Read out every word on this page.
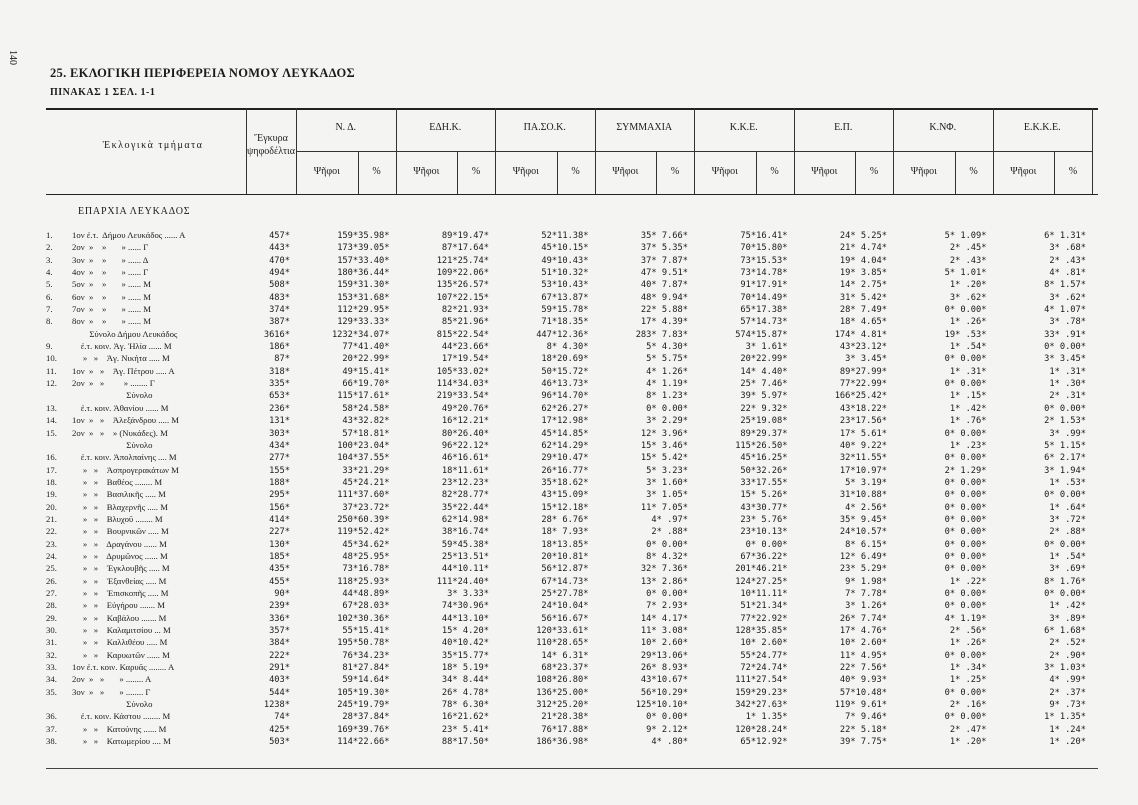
140
25. ΕΚΛΟΓΙΚΗ ΠΕΡΙΦΕΡΕΙΑ ΝΟΜΟΥ ΛΕΥΚΑΔΟΣ
ΠΙΝΑΚΑΣ 1 ΣΕΛ. 1-1
Ἐκλογικὰ τμήματα
Ἔγκυρα ψηφοδέλτια
Ν. Δ.
Ψῆφοι	%
ΕΔΗ.Κ.
Ψῆφοι	%
ΠΑ.ΣΟ.Κ.
Ψῆφοι	%
ΣΥΜΜΑΧΙΑ
Ψῆφοι	%
Κ.Κ.Ε.
Ψῆφοι	%
Ε.Π.
Ψῆφοι	%
Κ.ΝΦ.
Ψῆφοι	%
Ε.Κ.Κ.Ε.
Ψῆφοι	%
ΕΠΑΡΧΙΑ ΛΕΥΚΑΔΟΣ
1.	1ον ἐ.τ.  Δήμου Λευκάδος ...... Α	457*	159*35.98*	89*19.47*	52*11.38*	35* 7.66*	75*16.41*	24* 5.25*	5* 1.09*	6* 1.31*
2.	2ον  »    »       » ...... Γ	443*	173*39.05*	87*17.64*	45*10.15*	37* 5.35*	70*15.80*	21* 4.74*	2* .45*	3* .68*
3.	3ον  »    »       » ...... Δ	470*	157*33.40*	121*25.74*	49*10.43*	37* 7.87*	73*15.53*	19* 4.04*	2* .43*	2* .43*
4.	4ον  »    »       » ...... Γ	494*	180*36.44*	109*22.06*	51*10.32*	47* 9.51*	73*14.78*	19* 3.85*	5* 1.01*	4* .81*
5.	5ον  »    »       » ...... Μ	508*	159*31.30*	135*26.57*	53*10.43*	40* 7.87*	91*17.91*	14* 2.75*	1* .20*	8* 1.57*
6.	6ον  »    »       » ...... Μ	483*	153*31.68*	107*22.15*	67*13.87*	48* 9.94*	70*14.49*	31* 5.42*	3* .62*	3* .62*
7.	7ον  »    »       » ...... Μ	374*	112*29.95*	82*21.93*	59*15.78*	22* 5.88*	65*17.38*	28* 7.49*	0* 0.00*	4* 1.07*
8.	8ον  »    »       » ...... Μ	387*	129*33.33*	85*21.96*	71*18.35*	17* 4.39*	57*14.73*	18* 4.65*	1* .26*	3* .78*
Σύνολο Δήμου Λευκάδος	3616*	1232*34.07*	815*22.54*	447*12.36*	283* 7.83*	574*15.87*	174* 4.81*	19* .53*	33* .91*
9.	ἐ.τ. κοιν. Ἀγ. Ἠλία ...... Μ	186*	77*41.40*	44*23.66*	8* 4.30*	5* 4.30*	3* 1.61*	43*23.12*	1* .54*	0* 0.00*
10.	»   »    Ἀγ. Νικήτα ..... Μ	87*	20*22.99*	17*19.54*	18*20.69*	5* 5.75*	20*22.99*	3* 3.45*	0* 0.00*	3* 3.45*
11.	1ον  »   »    Ἀγ. Πέτρου ..... Α	318*	49*15.41*	105*33.02*	50*15.72*	4* 1.26*	14* 4.40*	89*27.99*	1* .31*	1* .31*
12.	2ον  »   »         » ........ Γ	335*	66*19.70*	114*34.03*	46*13.73*	4* 1.19*	25* 7.46*	77*22.99*	0* 0.00*	1* .30*
Σύνολο	653*	115*17.61*	219*33.54*	96*14.70*	8* 1.23*	39* 5.97*	166*25.42*	1* .15*	2* .31*
13.	ἐ.τ. κοιν. Ἀθανίου ...... Μ	236*	58*24.58*	49*20.76*	62*26.27*	0* 0.00*	22* 9.32*	43*18.22*	1* .42*	0* 0.00*
14.	1ον  »   »    Ἀλεξάνδρου ..... Μ	131*	43*32.82*	16*12.21*	17*12.98*	3* 2.29*	25*19.08*	23*17.56*	1* .76*	2* 1.53*
15.	2ον  »   »    » (Νυκάδες). Μ	303*	57*18.81*	80*26.40*	45*14.85*	12* 3.96*	89*29.37*	17* 5.61*	0* 0.00*	3* .99*
Σύνολο	434*	100*23.04*	96*22.12*	62*14.29*	15* 3.46*	115*26.50*	40* 9.22*	1* .23*	5* 1.15*
16.	ἐ.τ. κοιν. Ἀπολπαίνης .... Μ	277*	104*37.55*	46*16.61*	29*10.47*	15* 5.42*	45*16.25*	32*11.55*	0* 0.00*	6* 2.17*
17.	»   »    Ἀσπρογερακάτων Μ	155*	33*21.29*	18*11.61*	26*16.77*	5* 3.23*	50*32.26*	17*10.97*	2* 1.29*	3* 1.94*
18.	»   »    Βαθέος ........ Μ	188*	45*24.21*	23*12.23*	35*18.62*	3* 1.60*	33*17.55*	5* 3.19*	0* 0.00*	1* .53*
19.	»   »    Βασιλικῆς ..... Μ	295*	111*37.60*	82*28.77*	43*15.09*	3* 1.05*	15* 5.26*	31*10.88*	0* 0.00*	0* 0.00*
20.	»   »    Βλαχερνῆς ..... Μ	156*	37*23.72*	35*22.44*	15*12.18*	11* 7.05*	43*30.77*	4* 2.56*	0* 0.00*	1* .64*
21.	»   »    Βλυχοῦ ........ Μ	414*	250*60.39*	62*14.98*	28* 6.76*	4* .97*	23* 5.76*	35* 9.45*	0* 0.00*	3* .72*
22.	»   »    Βουρνικῶν ..... Μ	227*	119*52.42*	38*16.74*	18* 7.93*	2* .88*	23*10.13*	24*10.57*	0* 0.00*	2* .88*
23.	»   »    Δραγάνου ...... Μ	130*	45*34.62*	59*45.38*	18*13.85*	0* 0.00*	0* 0.00*	8* 6.15*	0* 0.00*	0* 0.00*
24.	»   »    Δρυμῶνος ...... Μ	185*	48*25.95*	25*13.51*	20*10.81*	8* 4.32*	67*36.22*	12* 6.49*	0* 0.00*	1* .54*
25.	»   »    Ἐγκλουβῆς ..... Μ	435*	73*16.78*	44*10.11*	56*12.87*	32* 7.36*	201*46.21*	23* 5.29*	0* 0.00*	3* .69*
26.	»   »    Ἐξανθείας ..... Μ	455*	118*25.93*	111*24.40*	67*14.73*	13* 2.86*	124*27.25*	9* 1.98*	1* .22*	8* 1.76*
27.	»   »    Ἐπισκοπῆς ..... Μ	90*	44*48.89*	3* 3.33*	25*27.78*	0* 0.00*	10*11.11*	7* 7.78*	0* 0.00*	0* 0.00*
28.	»   »    Εὐγήρου ....... Μ	239*	67*28.03*	74*30.96*	24*10.04*	7* 2.93*	51*21.34*	3* 1.26*	0* 0.00*	1* .42*
29.	»   »    Καβάλου ....... Μ	336*	102*30.36*	44*13.10*	56*16.67*	14* 4.17*	77*22.92*	26* 7.74*	4* 1.19*	3* .89*
30.	»   »    Καλαμιτσίου ... Μ	357*	55*15.41*	15* 4.20*	120*33.61*	11* 3.08*	128*35.85*	17* 4.76*	2* .56*	6* 1.68*
31.	»   »    Καλλιθέου ..... Μ	384*	195*50.78*	40*10.42*	110*28.65*	10* 2.60*	10* 2.60*	10* 2.60*	1* .26*	2* .52*
32.	»   »    Καρυωτῶν ...... Μ	222*	76*34.23*	35*15.77*	14* 6.31*	29*13.06*	55*24.77*	11* 4.95*	0* 0.00*	2* .90*
33.	1ον ἐ.τ. κοιν. Καρυᾶς ........ Α	291*	81*27.84*	18* 5.19*	68*23.37*	26* 8.93*	72*24.74*	22* 7.56*	1* .34*	3* 1.03*
34.	2ον  »   »       » ........ Α	403*	59*14.64*	34* 8.44*	108*26.80*	43*10.67*	111*27.54*	40* 9.93*	1* .25*	4* .99*
35.	3ον  »   »       » ........ Γ	544*	105*19.30*	26* 4.78*	136*25.00*	56*10.29*	159*29.23*	57*10.48*	0* 0.00*	2* .37*
Σύνολο	1238*	245*19.79*	78* 6.30*	312*25.20*	125*10.10*	342*27.63*	119* 9.61*	2* .16*	9* .73*
36.	ἐ.τ. κοιν. Κάστου ........ Μ	74*	28*37.84*	16*21.62*	21*28.38*	0* 0.00*	1* 1.35*	7* 9.46*	0* 0.00*	1* 1.35*
37.	»   »    Κατούνης ...... Μ	425*	169*39.76*	23* 5.41*	76*17.88*	9* 2.12*	120*28.24*	22* 5.18*	2* .47*	1* .24*
38.	»   »    Κατωμερίου .... Μ	503*	114*22.66*	88*17.50*	186*36.98*	4* .80*	65*12.92*	39* 7.75*	1* .20*	1* .20*
